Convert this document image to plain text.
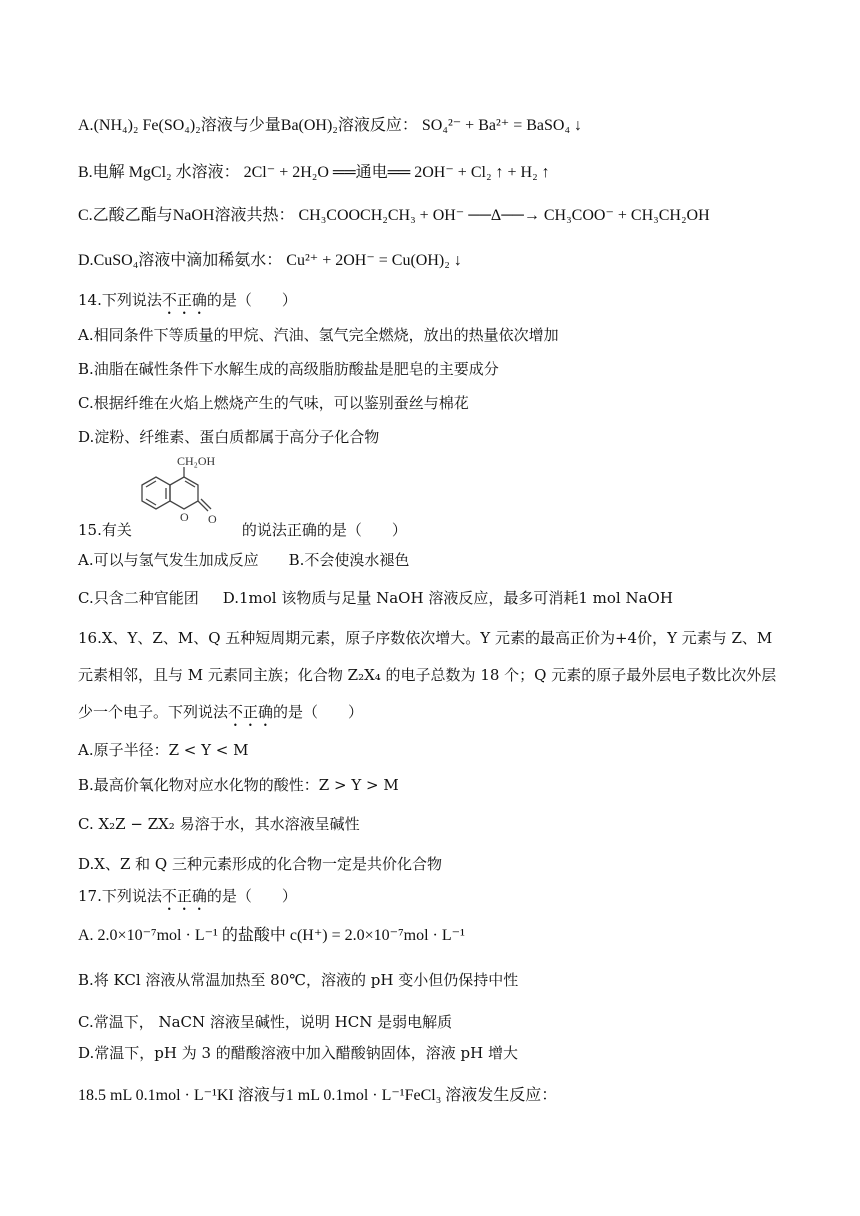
A.(NH₄)₂ Fe(SO₄)₂溶液与少量Ba(OH)₂溶液反应： SO₄²⁻ + Ba²⁺ = BaSO₄ ↓
B.电解 MgCl₂ 水溶液： 2Cl⁻ + 2H₂O ══通电══ 2OH⁻ + Cl₂ ↑ + H₂ ↑
C.乙酸乙酯与NaOH溶液共热： CH₃COOCH₂CH₃ + OH⁻ ──Δ──→ CH₃COO⁻ + CH₃CH₂OH
D.CuSO₄溶液中滴加稀氨水： Cu²⁺ + 2OH⁻ = Cu(OH)₂ ↓
14.下列说法不正确的是（　　）
A.相同条件下等质量的甲烷、汽油、氢气完全燃烧，放出的热量依次增加
B.油脂在碱性条件下水解生成的高级脂肪酸盐是肥皂的主要成分
C.根据纤维在火焰上燃烧产生的气味，可以鉴别蚕丝与棉花
D.淀粉、纤维素、蛋白质都属于高分子化合物
CH₂OH
O O
15.有关	的说法正确的是（　　）
A.可以与氢气发生加成反应 B.不会使溴水褪色
C.只含二种官能团 D.1mol 该物质与足量 NaOH 溶液反应，最多可消耗1 mol NaOH
16.X、Y、Z、M、Q 五种短周期元素，原子序数依次增大。Y 元素的最高正价为+4价，Y 元素与 Z、M 元素相邻，且与 M 元素同主族；化合物 Z₂X₄ 的电子总数为 18 个；Q 元素的原子最外层电子数比次外层少一个电子。下列说法不正确的是（　　）
A.原子半径：Z < Y < M
B.最高价氧化物对应水化物的酸性：Z > Y > M
C. X₂Z − ZX₂ 易溶于水，其水溶液呈碱性
D.X、Z 和 Q 三种元素形成的化合物一定是共价化合物
17.下列说法不正确的是（　　）
A. 2.0×10⁻⁷mol · L⁻¹ 的盐酸中 c(H⁺) = 2.0×10⁻⁷mol · L⁻¹
B.将 KCl 溶液从常温加热至 80℃，溶液的 pH 变小但仍保持中性
C.常温下， NaCN 溶液呈碱性，说明 HCN 是弱电解质
D.常温下，pH 为 3 的醋酸溶液中加入醋酸钠固体，溶液 pH 增大
18.5 mL 0.1mol · L⁻¹KI 溶液与1 mL 0.1mol · L⁻¹FeCl₃ 溶液发生反应：
